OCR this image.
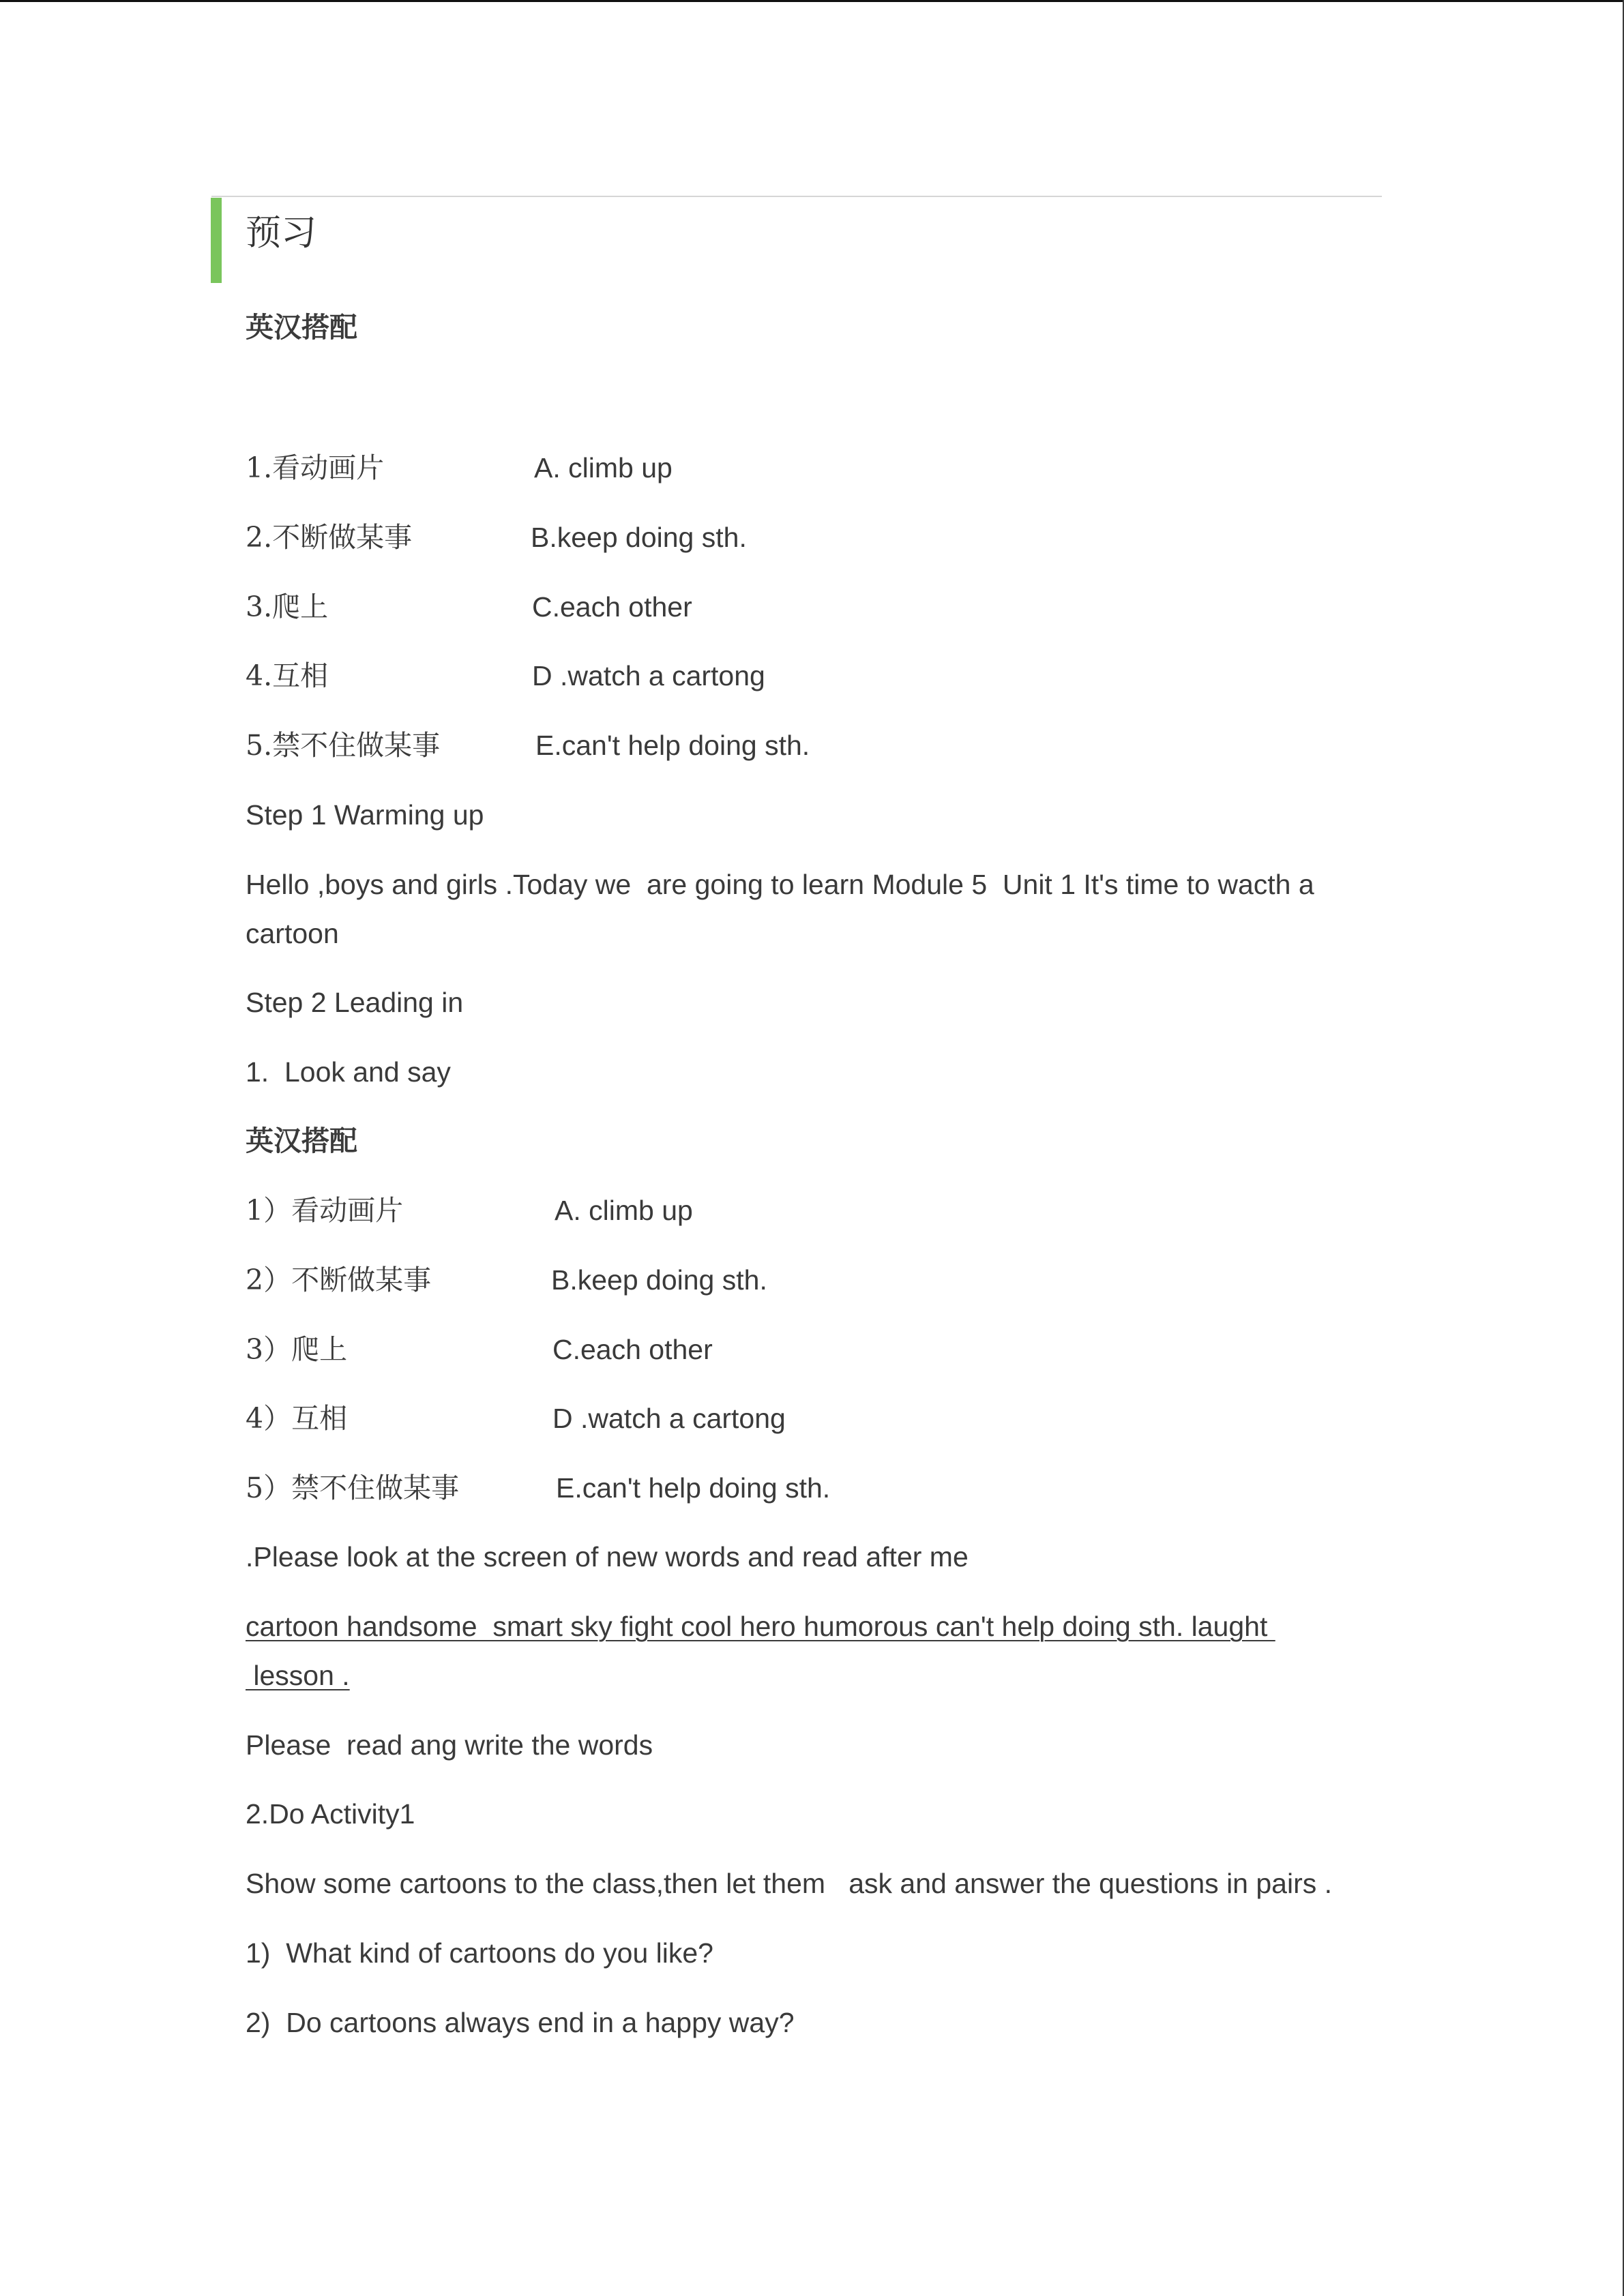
预习
英汉搭配
1.看动画片	A. climb up
2.不断做某事	B.keep doing sth.
3.爬上	C.each other
4.互相	D .watch a cartong
5.禁不住做某事	E.can't help doing sth.
Step 1 Warming up
Hello ,boys and girls .Today we  are going to learn Module 5  Unit 1 It's time to wacth a
cartoon
Step 2 Leading in
1.  Look and say
英汉搭配
1）看动画片	A. climb up
2）不断做某事	B.keep doing sth.
3）爬上	C.each other
4）互相	D .watch a cartong
5）禁不住做某事	E.can't help doing sth.
.Please look at the screen of new words and read after me
cartoon handsome  smart sky fight cool hero humorous can't help doing sth. laught
lesson .
Please  read ang write the words
2.Do Activity1
Show some cartoons to the class,then let them   ask and answer the questions in pairs .
1)  What kind of cartoons do you like?
2)  Do cartoons always end in a happy way?
